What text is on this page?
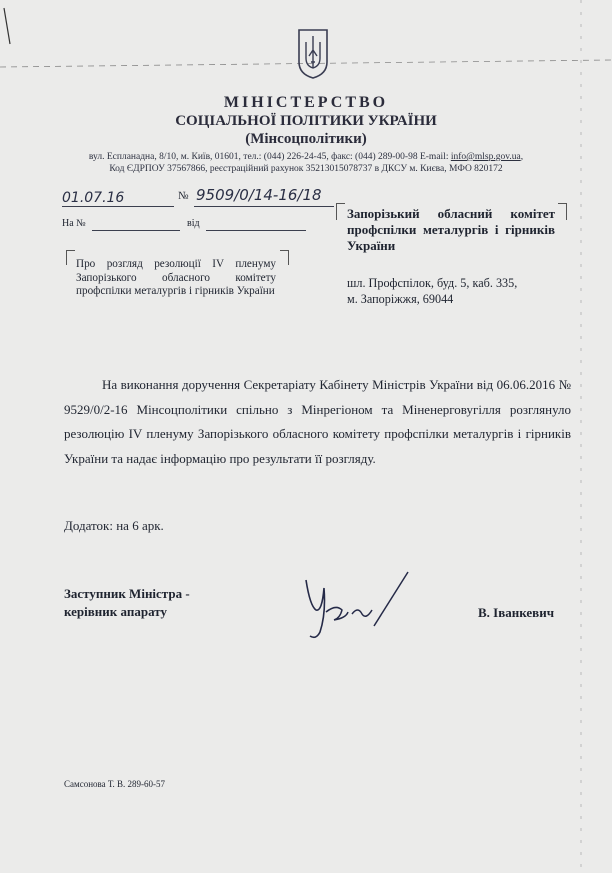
МІНІСТЕРСТВО
СОЦІАЛЬНОЇ ПОЛІТИКИ УКРАЇНИ
(Мінсоцполітики)
вул. Еспланадна, 8/10, м. Київ, 01601, тел.: (044) 226-24-45, факс: (044) 289-00-98 E-mail: info@mlsp.gov.ua,
Код ЄДРПОУ 37567866, реєстраційний рахунок 35213015078737 в ДКСУ м. Києва, МФО 820172
01.07.16	№ 9509/0/14-16/18
На №	від
Про розгляд резолюції IV пленуму Запорізького обласного комітету профспілки металургів і гірників України
Запорізький обласний комітет профспілки металургів і гірників України
шл. Профспілок, буд. 5, каб. 335,
м. Запоріжжя, 69044
На виконання доручення Секретаріату Кабінету Міністрів України від 06.06.2016 № 9529/0/2-16 Мінсоцполітики спільно з Мінрегіоном та Міненерговугілля розглянуло резолюцію IV пленуму Запорізького обласного комітету профспілки металургів і гірників України та надає інформацію про результати її розгляду.
Додаток: на 6 арк.
Заступник Міністра -
керівник апарату	В. Іванкевич
Самсонова Т. В. 289-60-57
